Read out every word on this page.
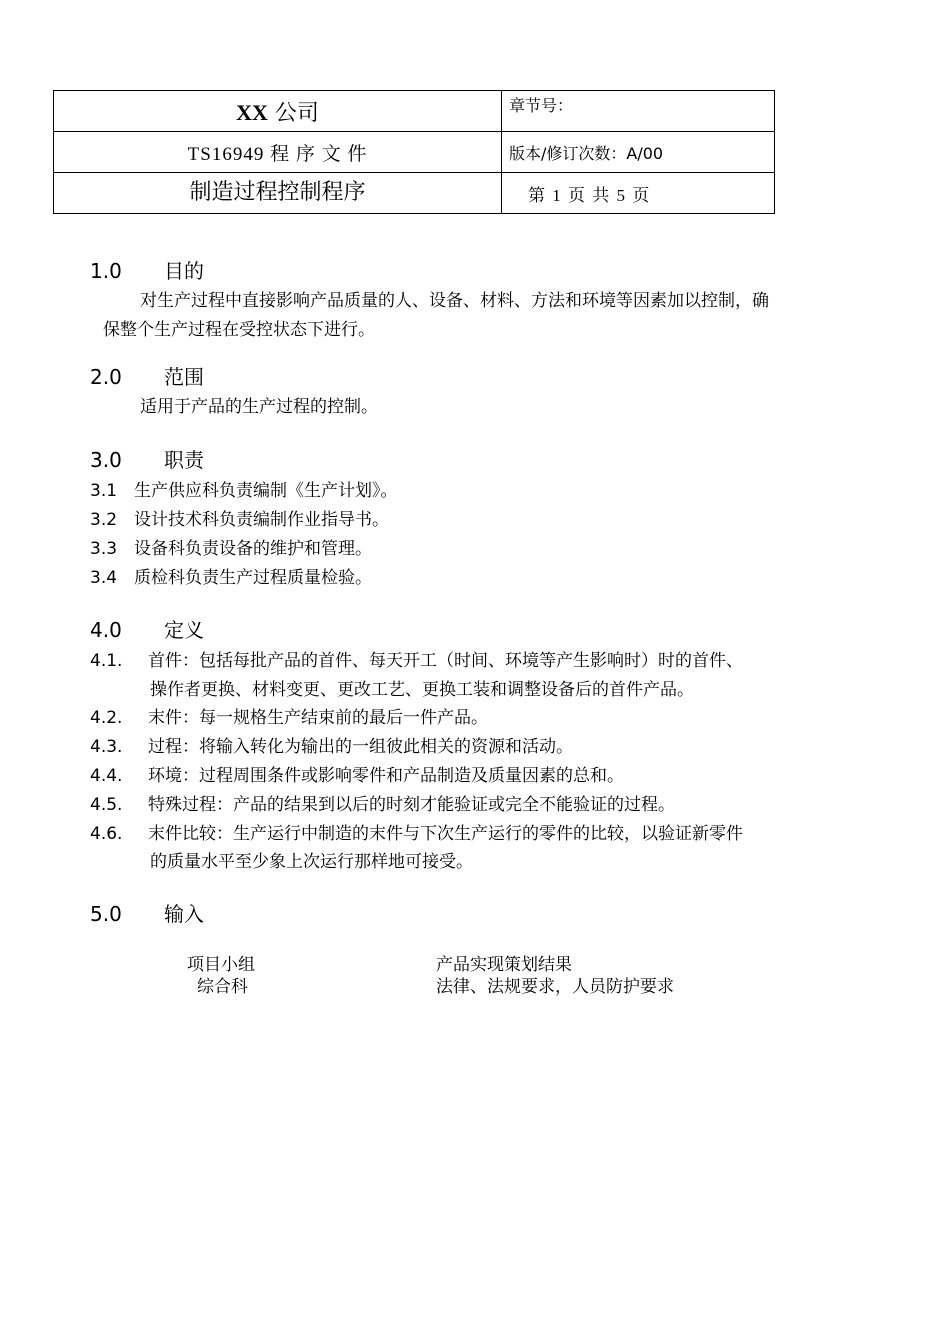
XX 公司	章节号：
TS16949 程 序 文 件	版本/修订次数：A/00
制造过程控制程序	第 1 页 共 5 页
1.0 目的
对生产过程中直接影响产品质量的人、设备、材料、方法和环境等因素加以控制，确
保整个生产过程在受控状态下进行。
2.0 范围
适用于产品的生产过程的控制。
3.0 职责
3.1 生产供应科负责编制《生产计划》。
3.2 设计技术科负责编制作业指导书。
3.3 设备科负责设备的维护和管理。
3.4 质检科负责生产过程质量检验。
4.0 定义
4.1. 首件：包括每批产品的首件、每天开工（时间、环境等产生影响时）时的首件、
操作者更换、材料变更、更改工艺、更换工装和调整设备后的首件产品。
4.2. 末件：每一规格生产结束前的最后一件产品。
4.3. 过程：将输入转化为输出的一组彼此相关的资源和活动。
4.4. 环境：过程周围条件或影响零件和产品制造及质量因素的总和。
4.5. 特殊过程：产品的结果到以后的时刻才能验证或完全不能验证的过程。
4.6. 末件比较：生产运行中制造的末件与下次生产运行的零件的比较，以验证新零件
的质量水平至少象上次运行那样地可接受。
5.0 输入
项目小组	产品实现策划结果
综合科	法律、法规要求，人员防护要求
